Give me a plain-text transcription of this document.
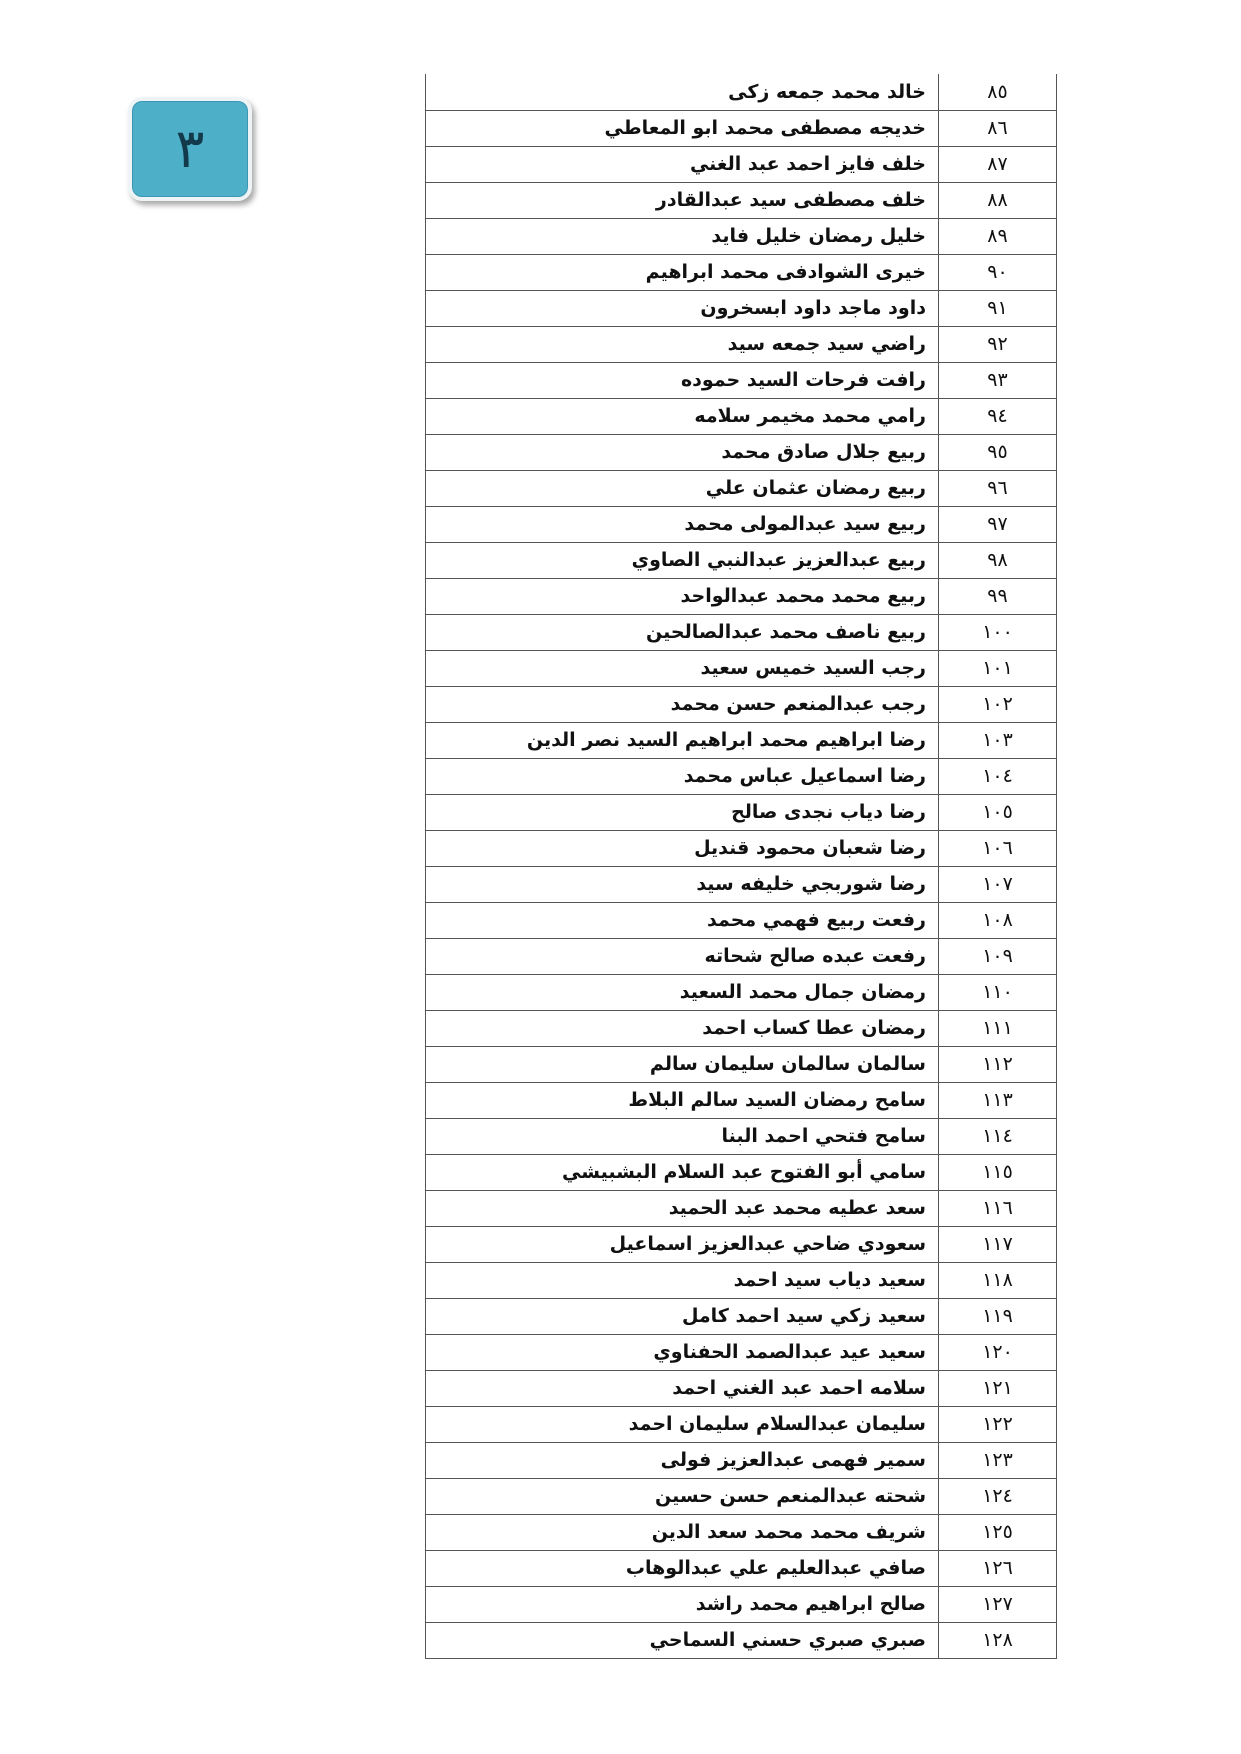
٣
٨٥	خالد محمد جمعه زكى
٨٦	خديجه مصطفى محمد ابو المعاطي
٨٧	خلف فايز احمد عبد الغني
٨٨	خلف مصطفى سيد عبدالقادر
٨٩	خليل رمضان خليل فايد
٩٠	خيرى الشوادفى محمد ابراهيم
٩١	داود ماجد داود ابسخرون
٩٢	راضي سيد جمعه سيد
٩٣	رافت فرحات السيد حموده
٩٤	رامي محمد مخيمر سلامه
٩٥	ربيع جلال صادق محمد
٩٦	ربيع رمضان عثمان علي
٩٧	ربيع سيد عبدالمولى محمد
٩٨	ربيع عبدالعزيز عبدالنبي الصاوي
٩٩	ربيع محمد محمد عبدالواحد
١٠٠	ربيع ناصف محمد عبدالصالحين
١٠١	رجب السيد خميس سعيد
١٠٢	رجب عبدالمنعم حسن محمد
١٠٣	رضا ابراهيم محمد ابراهيم السيد نصر الدين
١٠٤	رضا اسماعيل عباس محمد
١٠٥	رضا دياب نجدى صالح
١٠٦	رضا شعبان محمود قنديل
١٠٧	رضا شوربجي خليفه سيد
١٠٨	رفعت ربيع فهمي محمد
١٠٩	رفعت عبده صالح شحاته
١١٠	رمضان جمال محمد السعيد
١١١	رمضان عطا كساب احمد
١١٢	سالمان سالمان سليمان سالم
١١٣	سامح رمضان السيد سالم البلاط
١١٤	سامح فتحي احمد البنا
١١٥	سامي أبو الفتوح عبد السلام البشبيشي
١١٦	سعد عطيه محمد عبد الحميد
١١٧	سعودي ضاحي عبدالعزيز اسماعيل
١١٨	سعيد دياب سيد احمد
١١٩	سعيد زكي سيد احمد كامل
١٢٠	سعيد عيد عبدالصمد الحفناوي
١٢١	سلامه احمد عبد الغني احمد
١٢٢	سليمان عبدالسلام سليمان احمد
١٢٣	سمير فهمى عبدالعزيز فولى
١٢٤	شحته عبدالمنعم حسن حسين
١٢٥	شريف محمد محمد سعد الدين
١٢٦	صافي عبدالعليم علي عبدالوهاب
١٢٧	صالح ابراهيم محمد راشد
١٢٨	صبري صبري حسني السماحي
